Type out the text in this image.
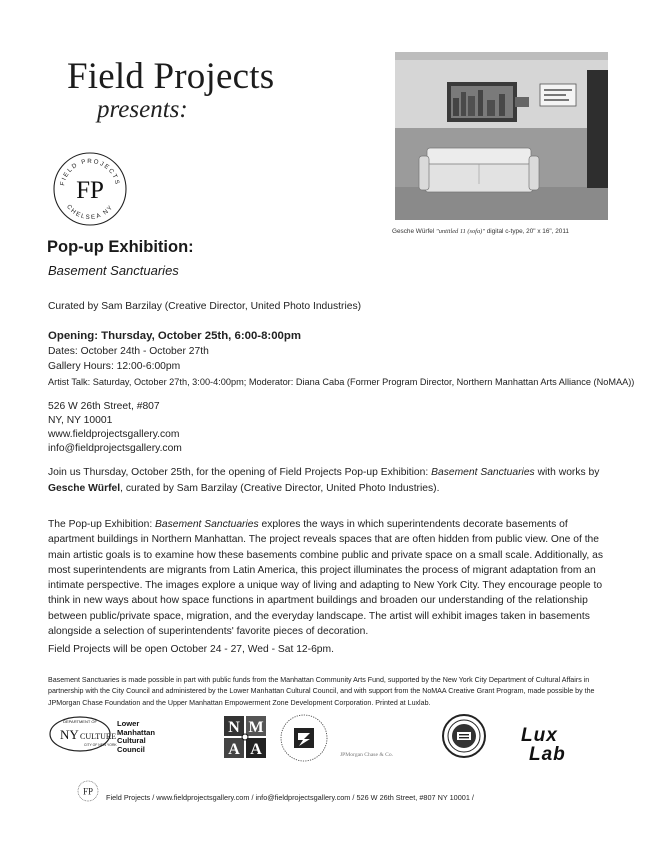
Field Projects
presents:
FIELD PROJECTS
CHELSEA NY
FP
Gesche Würfel "untitled 11 (sofa)" digital c-type, 20" x 16", 2011
Pop-up Exhibition:
Basement Sanctuaries
Curated by Sam Barzilay (Creative Director, United Photo Industries)
Opening: Thursday, October 25th, 6:00-8:00pm
Dates: October 24th - October 27th
Gallery Hours: 12:00-6:00pm
Artist Talk: Saturday, October 27th, 3:00-4:00pm; Moderator: Diana Caba (Former Program Director, Northern Manhattan Arts Alliance (NoMAA))
526 W 26th Street, #807
NY, NY 10001
www.fieldprojectsgallery.com
info@fieldprojectsgallery.com
Join us Thursday, October 25th, for the opening of Field Projects Pop-up Exhibition: Basement Sanctuaries with works by Gesche Würfel, curated by Sam Barzilay (Creative Director, United Photo Industries).
The Pop-up Exhibition: Basement Sanctuaries explores the ways in which superintendents decorate basements of apartment buildings in Northern Manhattan. The project reveals spaces that are often hidden from public view. One of the main artistic goals is to examine how these basements combine public and private space on a small scale. Additionally, as most superintendents are migrants from Latin America, this project illuminates the process of migrant adaptation from an intimate perspective. The images explore a unique way of living and adapting to New York City. They encourage people to think in new ways about how space functions in apartment buildings and broaden our understanding of the relationship between public/private space, migration, and the everyday landscape. The artist will exhibit images taken in basements alongside a selection of superintendents' favorite pieces of decoration.
Field Projects will be open October 24 - 27, Wed - Sat 12-6pm.
Basement Sanctuaries is made possible in part with public funds from the Manhattan Community Arts Fund, supported by the New York City Department of Cultural Affairs in partnership with the City Council and administered by the Lower Manhattan Cultural Council, and with support from the NoMAA Creative Grant Program, made possible by the JPMorgan Chase Foundation and the Upper Manhattan Empowerment Zone Development Corporation. Printed at Luxlab.
DEPARTMENT OF
NY CULTURE
CITY OF NEW YORK
Lower
Manhattan
Cultural
Council
N M
A A	JPMorgan Chase & Co.
Lux
Lab
FP
Field Projects / www.fieldprojectsgallery.com / info@fieldprojectsgallery.com / 526 W 26th Street, #807 NY 10001 /
